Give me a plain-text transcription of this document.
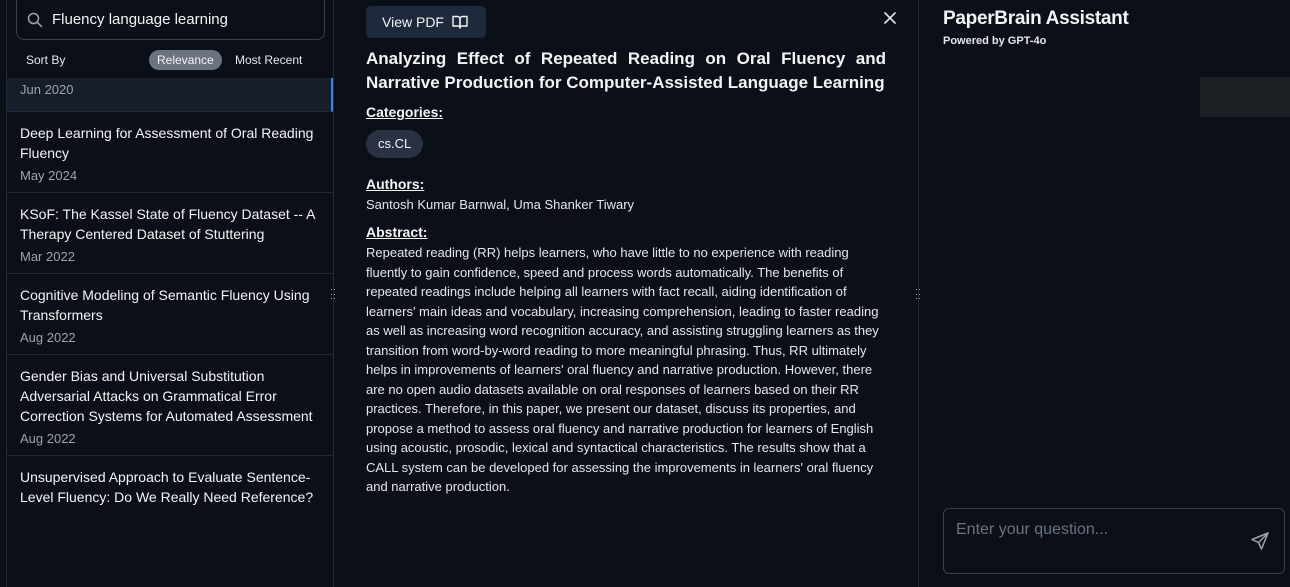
Fluency language learning
Sort By	Relevance	Most Recent
Jun 2020
Deep Learning for Assessment of Oral Reading Fluency
May 2024
KSoF: The Kassel State of Fluency Dataset -- A Therapy Centered Dataset of Stuttering
Mar 2022
Cognitive Modeling of Semantic Fluency Using Transformers
Aug 2022
Gender Bias and Universal Substitution Adversarial Attacks on Grammatical Error Correction Systems for Automated Assessment
Aug 2022
Unsupervised Approach to Evaluate Sentence-Level Fluency: Do We Really Need Reference?
View PDF
Analyzing Effect of Repeated Reading on Oral Fluency and Narrative Production for Computer-Assisted Language Learning
Categories:
cs.CL
Authors:
Santosh Kumar Barnwal, Uma Shanker Tiwary
Abstract:
Repeated reading (RR) helps learners, who have little to no experience with reading fluently to gain confidence, speed and process words automatically. The benefits of repeated readings include helping all learners with fact recall, aiding identification of learners' main ideas and vocabulary, increasing comprehension, leading to faster reading as well as increasing word recognition accuracy, and assisting struggling learners as they transition from word-by-word reading to more meaningful phrasing. Thus, RR ultimately helps in improvements of learners' oral fluency and narrative production. However, there are no open audio datasets available on oral responses of learners based on their RR practices. Therefore, in this paper, we present our dataset, discuss its properties, and propose a method to assess oral fluency and narrative production for learners of English using acoustic, prosodic, lexical and syntactical characteristics. The results show that a CALL system can be developed for assessing the improvements in learners' oral fluency and narrative production.
PaperBrain Assistant
Powered by GPT-4o
Enter your question...
